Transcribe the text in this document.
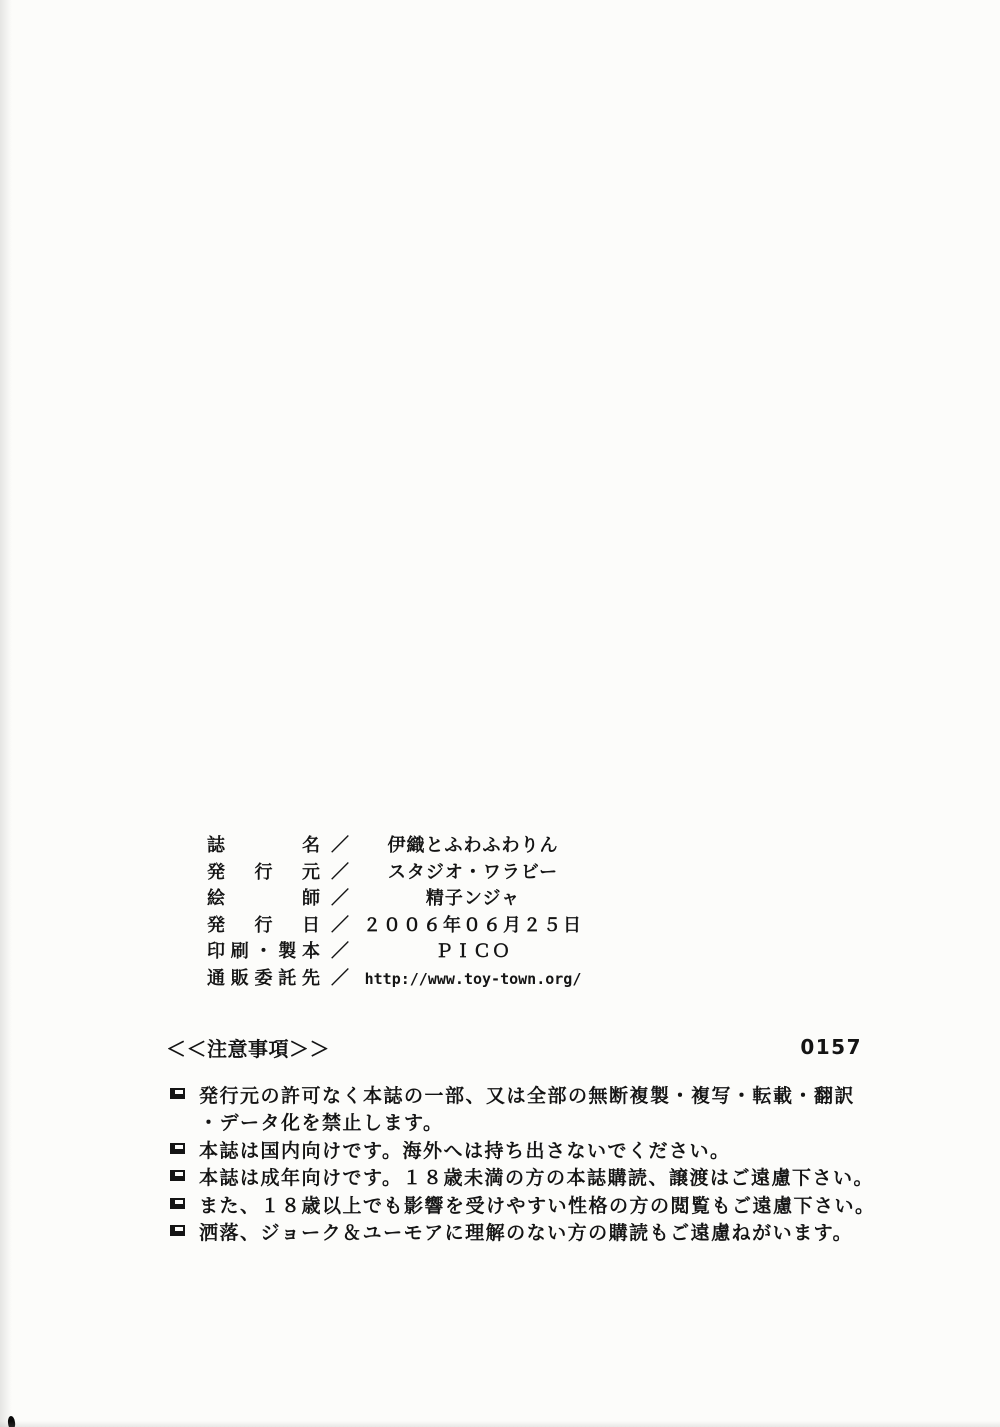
誌名 ／	伊織とふわふわりん
発行元 ／	スタジオ・ワラビー
絵師 ／	精子ンジャ
発行日 ／ ２００６年０６月２５日
印刷・製本 ／	ＰＩＣＯ
通販委託先 ／ http://www.toy-town.org/
＜＜注意事項＞＞	0157
発行元の許可なく本誌の一部、又は全部の無断複製・複写・転載・翻訳
・データ化を禁止します。
本誌は国内向けです。海外へは持ち出さないでください。
本誌は成年向けです。１８歳未満の方の本誌購読、譲渡はご遠慮下さい。
また、１８歳以上でも影響を受けやすい性格の方の閲覧もご遠慮下さい。
洒落、ジョーク＆ユーモアに理解のない方の購読もご遠慮ねがいます。
